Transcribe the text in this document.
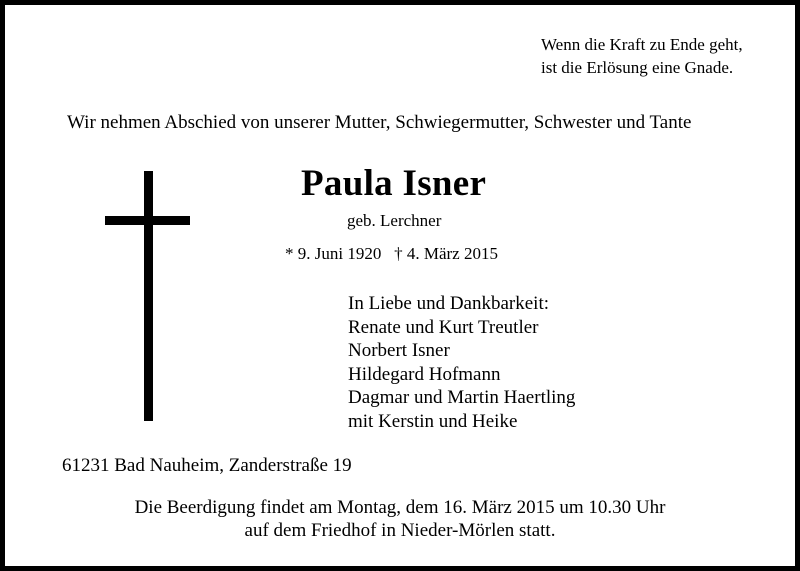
Wenn die Kraft zu Ende geht,
ist die Erlösung eine Gnade.
Wir nehmen Abschied von unserer Mutter, Schwiegermutter, Schwester und Tante
Paula Isner
geb. Lerchner
* 9. Juni 1920   † 4. März 2015
In Liebe und Dankbarkeit:
Renate und Kurt Treutler
Norbert Isner
Hildegard Hofmann
Dagmar und Martin Haertling
mit Kerstin und Heike
61231 Bad Nauheim, Zanderstraße 19
Die Beerdigung findet am Montag, dem 16. März 2015 um 10.30 Uhr
auf dem Friedhof in Nieder-Mörlen statt.
